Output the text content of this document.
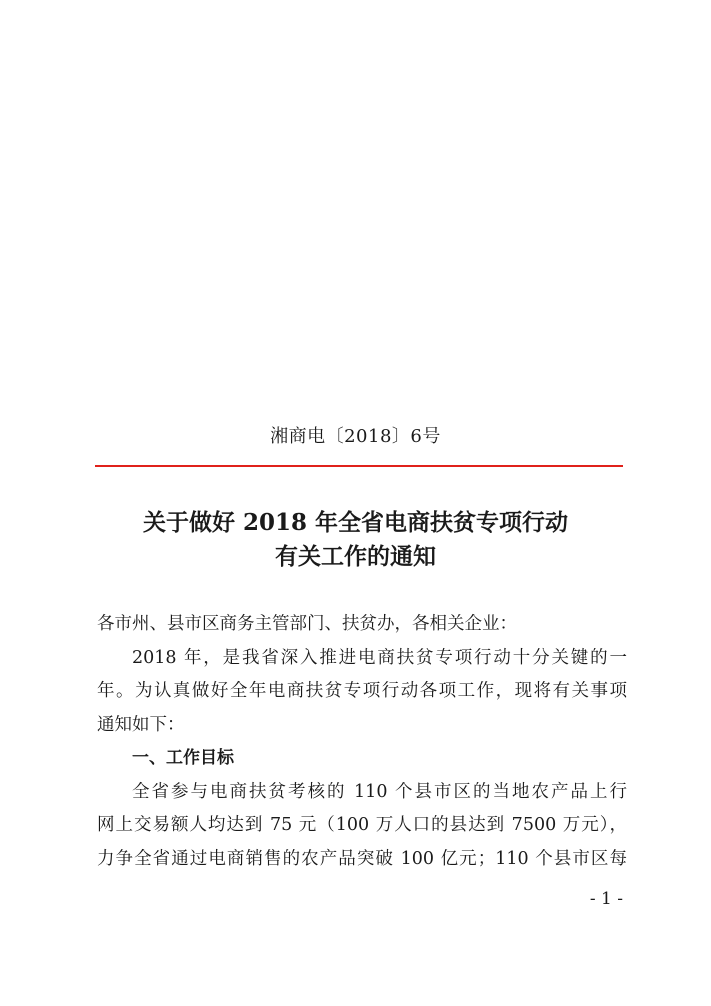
湘商电〔2018〕6号
关于做好 2018 年全省电商扶贫专项行动
有关工作的通知
各市州、县市区商务主管部门、扶贫办，各相关企业：
2018 年，是我省深入推进电商扶贫专项行动十分关键的一
年。为认真做好全年电商扶贫专项行动各项工作，现将有关事项
通知如下：
一、工作目标
全省参与电商扶贫考核的 110 个县市区的当地农产品上行
网上交易额人均达到 75 元（100 万人口的县达到 7500 万元），
力争全省通过电商销售的农产品突破 100 亿元；110 个县市区每
- 1 -
